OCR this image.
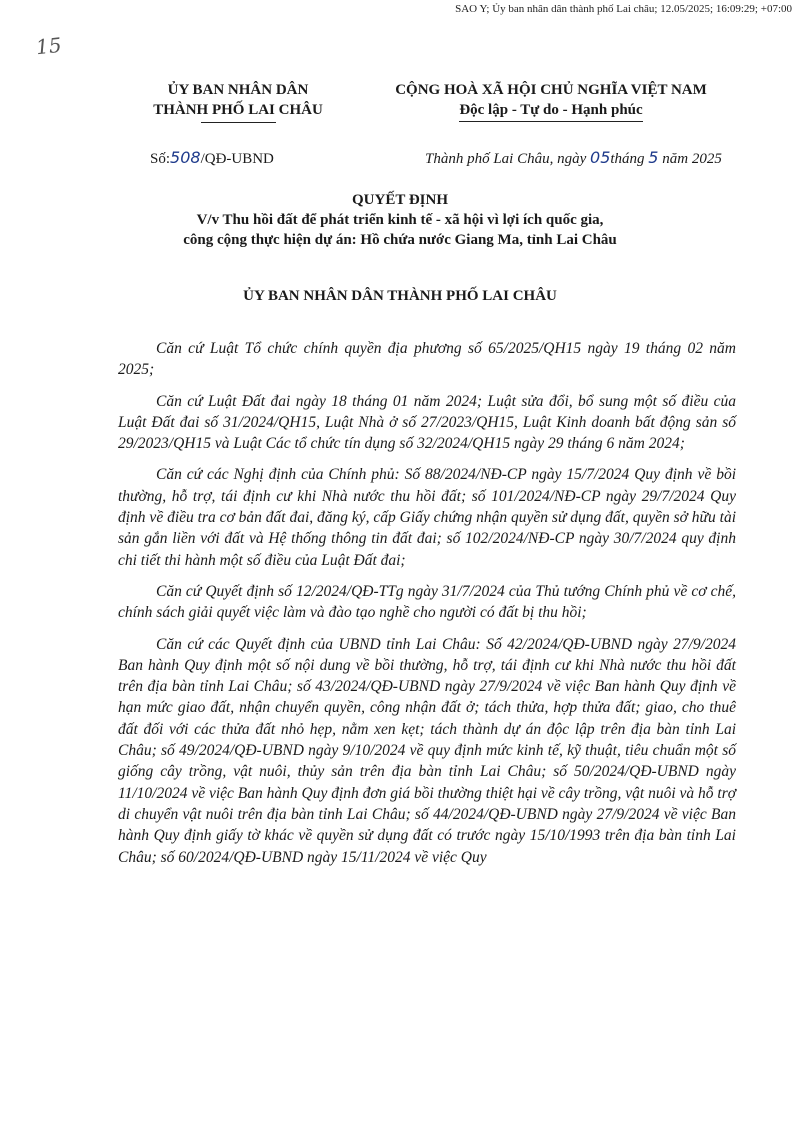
SAO Y; Ủy ban nhân dân thành phố Lai châu; 12.05/2025; 16:09:29; +07:00
15
ỦY BAN NHÂN DÂN
THÀNH PHỐ LAI CHÂU
CỘNG HOÀ XÃ HỘI CHỦ NGHĨA VIỆT NAM
Độc lập - Tự do - Hạnh phúc
Số:508/QĐ-UBND	Thành phố Lai Châu, ngày 05tháng 5 năm 2025
QUYẾT ĐỊNH
V/v Thu hồi đất để phát triển kinh tế - xã hội vì lợi ích quốc gia,
công cộng thực hiện dự án: Hồ chứa nước Giang Ma, tỉnh Lai Châu
ỦY BAN NHÂN DÂN THÀNH PHỐ LAI CHÂU

Căn cứ Luật Tổ chức chính quyền địa phương số 65/2025/QH15 ngày 19 tháng 02 năm 2025;

Căn cứ Luật Đất đai ngày 18 tháng 01 năm 2024; Luật sửa đổi, bổ sung một số điều của Luật Đất đai số 31/2024/QH15, Luật Nhà ở số 27/2023/QH15, Luật Kinh doanh bất động sản số 29/2023/QH15 và Luật Các tổ chức tín dụng số 32/2024/QH15 ngày 29 tháng 6 năm 2024;

Căn cứ các Nghị định của Chính phủ: Số 88/2024/NĐ-CP ngày 15/7/2024 Quy định về bồi thường, hỗ trợ, tái định cư khi Nhà nước thu hồi đất; số 101/2024/NĐ-CP ngày 29/7/2024 Quy định về điều tra cơ bản đất đai, đăng ký, cấp Giấy chứng nhận quyền sử dụng đất, quyền sở hữu tài sản gắn liền với đất và Hệ thống thông tin đất đai; số 102/2024/NĐ-CP ngày 30/7/2024 quy định chi tiết thi hành một số điều của Luật Đất đai;

Căn cứ Quyết định số 12/2024/QĐ-TTg ngày 31/7/2024 của Thủ tướng Chính phủ về cơ chế, chính sách giải quyết việc làm và đào tạo nghề cho người có đất bị thu hồi;

Căn cứ các Quyết định của UBND tỉnh Lai Châu: Số 42/2024/QĐ-UBND ngày 27/9/2024 Ban hành Quy định một số nội dung về bồi thường, hỗ trợ, tái định cư khi Nhà nước thu hồi đất trên địa bàn tỉnh Lai Châu; số 43/2024/QĐ-UBND ngày 27/9/2024 về việc Ban hành Quy định về hạn mức giao đất, nhận chuyển quyền, công nhận đất ở; tách thửa, hợp thửa đất; giao, cho thuê đất đối với các thửa đất nhỏ hẹp, nằm xen kẹt; tách thành dự án độc lập trên địa bàn tỉnh Lai Châu; số 49/2024/QĐ-UBND ngày 9/10/2024 về quy định mức kinh tế, kỹ thuật, tiêu chuẩn một số giống cây trồng, vật nuôi, thủy sản trên địa bàn tỉnh Lai Châu; số 50/2024/QĐ-UBND ngày 11/10/2024 về việc Ban hành Quy định đơn giá bồi thường thiệt hại về cây trồng, vật nuôi và hỗ trợ di chuyển vật nuôi trên địa bàn tỉnh Lai Châu; số 44/2024/QĐ-UBND ngày 27/9/2024 về việc Ban hành Quy định giấy tờ khác về quyền sử dụng đất có trước ngày 15/10/1993 trên địa bàn tỉnh Lai Châu; số 60/2024/QĐ-UBND ngày 15/11/2024 về việc Quy
